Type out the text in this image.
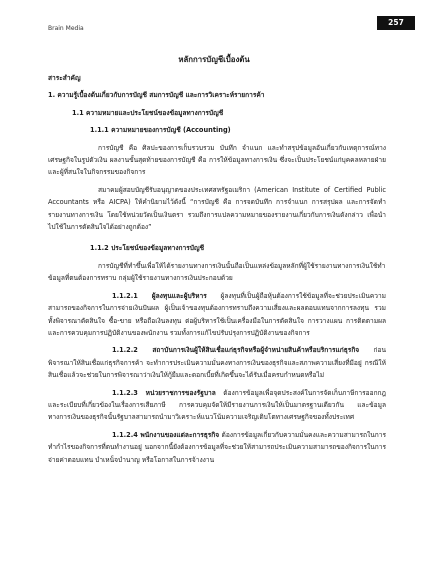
Brain Media
257
หลักการบัญชีเบื้องต้น

สาระสำคัญ

1. ความรู้เบื้องต้นเกี่ยวกับการบัญชี สมการบัญชี และการวิเคราะห์รายการค้า

1.1 ความหมายและประโยชน์ของข้อมูลทางการบัญชี

1.1.1 ความหมายของการบัญชี (Accounting)

การบัญชี คือ ศิลปะของการเก็บรวบรวม บันทึก จำแนก และทำสรุปข้อมูลอันเกี่ยวกับเหตุการณ์ทางเศรษฐกิจในรูปตัวเงิน ผลงานขั้นสุดท้ายของการบัญชี คือ การให้ข้อมูลทางการเงิน ซึ่งจะเป็นประโยชน์แก่บุคคลหลายฝ่าย และผู้ที่สนใจในกิจกรรมของกิจการ

สมาคมผู้สอบบัญชีรับอนุญาตของประเทศสหรัฐอเมริกา (American Institute of Certified Public Accountants หรือ AICPA) ให้คำนิยามไว้ดังนี้ “การบัญชี คือ การจดบันทึก การจำแนก การสรุปผล และการจัดทำรายงานทางการเงิน โดยใช้หน่วยวัดเป็นเงินตรา รวมถึงการแปลความหมายของรายงานเกี่ยวกับการเงินดังกล่าว เพื่อนำไปใช้ในการตัดสินใจได้อย่างถูกต้อง”

1.1.2 ประโยชน์ของข้อมูลทางการบัญชี

การบัญชีที่ทำขึ้นเพื่อให้ได้รายงานทางการเงินนั้นถือเป็นแหล่งข้อมูลหลักที่ผู้ใช้รายงานทางการเงินใช้ทำข้อมูลที่ตนต้องการทราบ กลุ่มผู้ใช้รายงานทางการเงินประกอบด้วย

1.1.2.1 ผู้ลงทุนและผู้บริหาร ผู้ลงทุนที่เป็นผู้ถือหุ้นต้องการใช้ข้อมูลที่จะช่วยประเมินความสามารถของกิจการในการจ่ายเงินปันผล ผู้เป็นเจ้าของทุนต้องการทราบถึงความเสี่ยงและผลตอบแทนจากการลงทุน รวมทั้งพิจารณาตัดสินใจ ซื้อ-ขาย หรือถือเงินลงทุน ต่อผู้บริหารใช้เป็นเครื่องมือในการตัดสินใจ การวางแผน การติดตามผล และการควบคุมการปฏิบัติงานของพนักงาน รวมทั้งการแก้ไขปรับปรุงการปฏิบัติงานของกิจการ

1.1.2.2 สถาบันการเงินผู้ให้สินเชื่อแก่ธุรกิจหรือผู้จำหน่ายสินค้าหรือบริการแก่ธุรกิจ ก่อนพิจารณาให้สินเชื่อแก่ธุรกิจการค้า จะทำการประเมินความมั่นคงทางการเงินของธุรกิจและสภาพความเสี่ยงที่มีอยู่ กรณีให้สินเชื่อแล้วจะช่วยในการพิจารณาว่าเงินให้กู้ยืมและดอกเบี้ยที่เกิดขึ้นจะได้รับเมื่อครบกำหนดหรือไม่

1.1.2.3 หน่วยราชการของรัฐบาล ต้องการข้อมูลเพื่อจุดประสงค์ในการจัดเก็บภาษีการออกกฎและระเบียบที่เกี่ยวข้องในเรื่องการเสียภาษี การควบคุมจัดให้มีรายงานการเงินให้เป็นมาตรฐานเดียวกัน และข้อมูลทางการเงินของธุรกิจนั้นรัฐบาลสามารถนำมาวิเคราะห์แนวโน้มความเจริญเติบโตทางเศรษฐกิจของทั้งประเทศ

1.1.2.4 พนักงานของแต่ละการธุรกิจ ต้องการข้อมูลเกี่ยวกับความมั่นคงและความสามารถในการทำกำไรของกิจการที่ตนทำงานอยู่ นอกจากนี้ยังต้องการข้อมูลที่จะช่วยให้สามารถประเมินความสามารถของกิจการในการจ่ายค่าตอบแทน บำเหน็จบำนาญ หรือโอกาสในการจ้างงาน
